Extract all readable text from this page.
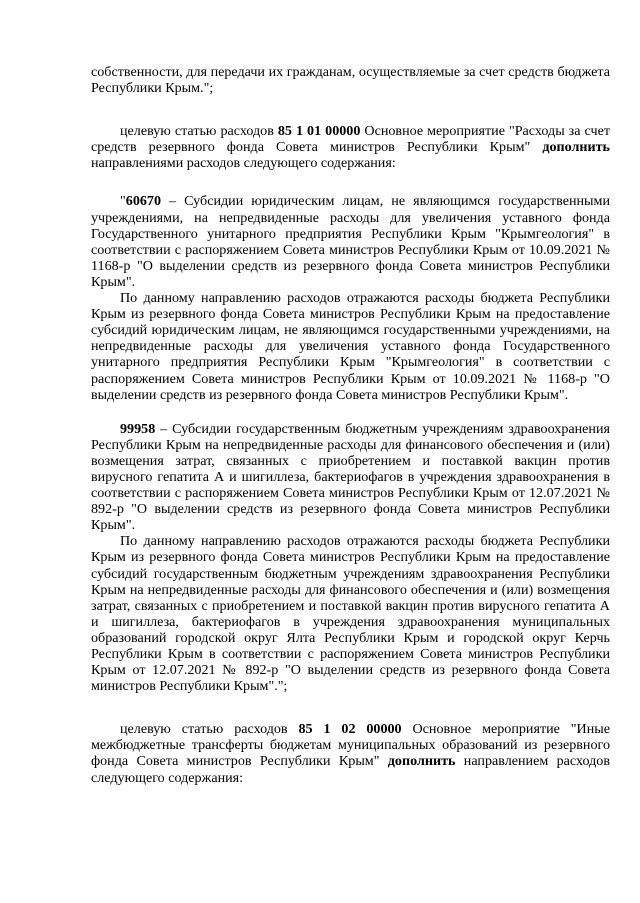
собственности, для передачи их гражданам, осуществляемые за счет средств бюджета Республики Крым.";

целевую статью расходов 85 1 01 00000 Основное мероприятие "Расходы за счет средств резервного фонда Совета министров Республики Крым" дополнить направлениями расходов следующего содержания:

"60670 – Субсидии юридическим лицам, не являющимся государственными учреждениями, на непредвиденные расходы для увеличения уставного фонда Государственного унитарного предприятия Республики Крым "Крымгеология" в соответствии с распоряжением Совета министров Республики Крым от 10.09.2021 № 1168-р "О выделении средств из резервного фонда Совета министров Республики Крым".

По данному направлению расходов отражаются расходы бюджета Республики Крым из резервного фонда Совета министров Республики Крым на предоставление субсидий юридическим лицам, не являющимся государственными учреждениями, на непредвиденные расходы для увеличения уставного фонда Государственного унитарного предприятия Республики Крым "Крымгеология" в соответствии с распоряжением Совета министров Республики Крым от 10.09.2021 № 1168-р "О выделении средств из резервного фонда Совета министров Республики Крым".

99958 – Субсидии государственным бюджетным учреждениям здравоохранения Республики Крым на непредвиденные расходы для финансового обеспечения и (или) возмещения затрат, связанных с приобретением и поставкой вакцин против вирусного гепатита А и шигиллеза, бактериофагов в учреждения здравоохранения в соответствии с распоряжением Совета министров Республики Крым от 12.07.2021 № 892-р "О выделении средств из резервного фонда Совета министров Республики Крым".

По данному направлению расходов отражаются расходы бюджета Республики Крым из резервного фонда Совета министров Республики Крым на предоставление субсидий государственным бюджетным учреждениям здравоохранения Республики Крым на непредвиденные расходы для финансового обеспечения и (или) возмещения затрат, связанных с приобретением и поставкой вакцин против вирусного гепатита А и шигиллеза, бактериофагов в учреждения здравоохранения муниципальных образований городской округ Ялта Республики Крым и городской округ Керчь Республики Крым в соответствии с распоряжением Совета министров Республики Крым от 12.07.2021 № 892-р "О выделении средств из резервного фонда Совета министров Республики Крым".";

целевую статью расходов 85 1 02 00000 Основное мероприятие "Иные межбюджетные трансферты бюджетам муниципальных образований из резервного фонда Совета министров Республики Крым" дополнить направлением расходов следующего содержания:
